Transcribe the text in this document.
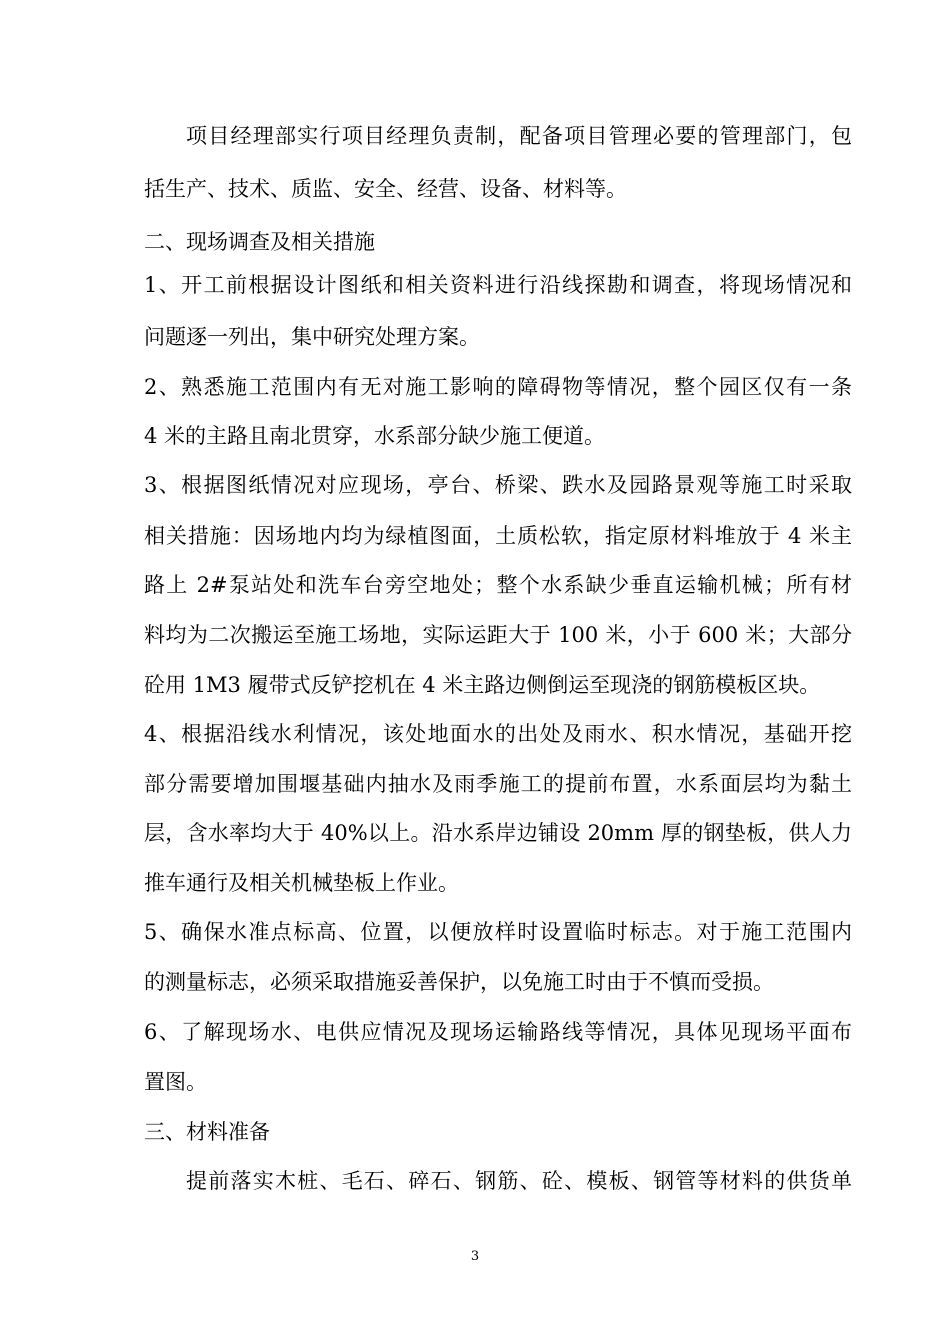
项目经理部实行项目经理负责制，配备项目管理必要的管理部门，包
括生产、技术、质监、安全、经营、设备、材料等。
二、现场调查及相关措施
1、开工前根据设计图纸和相关资料进行沿线探勘和调查，将现场情况和
问题逐一列出，集中研究处理方案。
2、熟悉施工范围内有无对施工影响的障碍物等情况，整个园区仅有一条
4 米的主路且南北贯穿，水系部分缺少施工便道。
3、根据图纸情况对应现场，亭台、桥梁、跌水及园路景观等施工时采取
相关措施：因场地内均为绿植图面，土质松软，指定原材料堆放于 4 米主
路上 2#泵站处和洗车台旁空地处；整个水系缺少垂直运输机械；所有材
料均为二次搬运至施工场地，实际运距大于 100 米，小于 600 米；大部分
砼用 1M3 履带式反铲挖机在 4 米主路边侧倒运至现浇的钢筋模板区块。
4、根据沿线水利情况，该处地面水的出处及雨水、积水情况，基础开挖
部分需要增加围堰基础内抽水及雨季施工的提前布置，水系面层均为黏土
层，含水率均大于 40%以上。沿水系岸边铺设 20mm 厚的钢垫板，供人力
推车通行及相关机械垫板上作业。
5、确保水准点标高、位置，以便放样时设置临时标志。对于施工范围内
的测量标志，必须采取措施妥善保护，以免施工时由于不慎而受损。
6、了解现场水、电供应情况及现场运输路线等情况，具体见现场平面布
置图。
三、材料准备
提前落实木桩、毛石、碎石、钢筋、砼、模板、钢管等材料的供货单
3
